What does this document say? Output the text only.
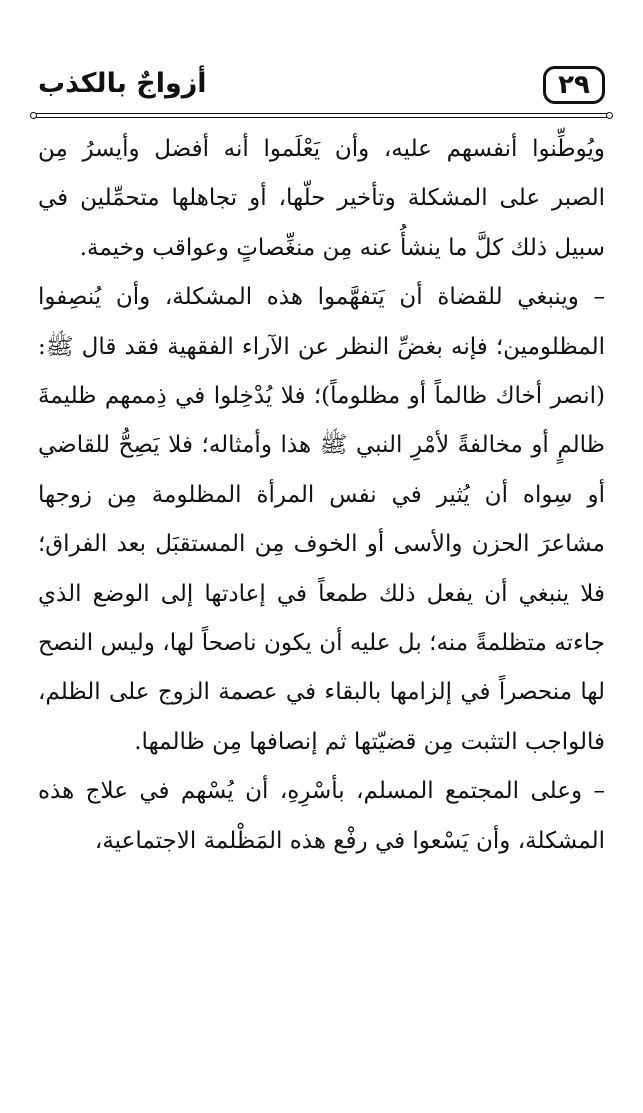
٢٩
أزواجٌ بالكذب

ويُوطِّنوا أنفسهم عليه، وأن يَعْلَموا أنه أفضل وأيسرُ مِن الصبر على المشكلة وتأخير حلّها، أو تجاهلها متحمِّلين في سبيل ذلك كلَّ ما ينشأُ عنه مِن منغِّصاتٍ وعواقب وخيمة.

– وينبغي للقضاة أن يَتفهَّموا هذه المشكلة، وأن يُنصِفوا المظلومين؛ فإنه بغضِّ النظر عن الآراء الفقهية فقد قال ﷺ: (انصر أخاك ظالماً أو مظلوماً)؛ فلا يُدْخِلوا في ذِممهم ظليمةَ ظالمٍ أو مخالفةً لأمْرِ النبي ﷺ هذا وأمثاله؛ فلا يَصِحُّ للقاضي أو سِواه أن يُثير في نفس المرأة المظلومة مِن زوجها مشاعرَ الحزن والأسى أو الخوف مِن المستقبَل بعد الفراق؛ فلا ينبغي أن يفعل ذلك طمعاً في إعادتها إلى الوضع الذي جاءته متظلمةً منه؛ بل عليه أن يكون ناصحاً لها، وليس النصح لها منحصراً في إلزامها بالبقاء في عصمة الزوج على الظلم، فالواجب التثبت مِن قضيّتها ثم إنصافها مِن ظالمها.

– وعلى المجتمع المسلم، بأسْرِهِ، أن يُسْهم في علاج هذه المشكلة، وأن يَسْعوا في رفْع هذه المَظْلمة الاجتماعية،
